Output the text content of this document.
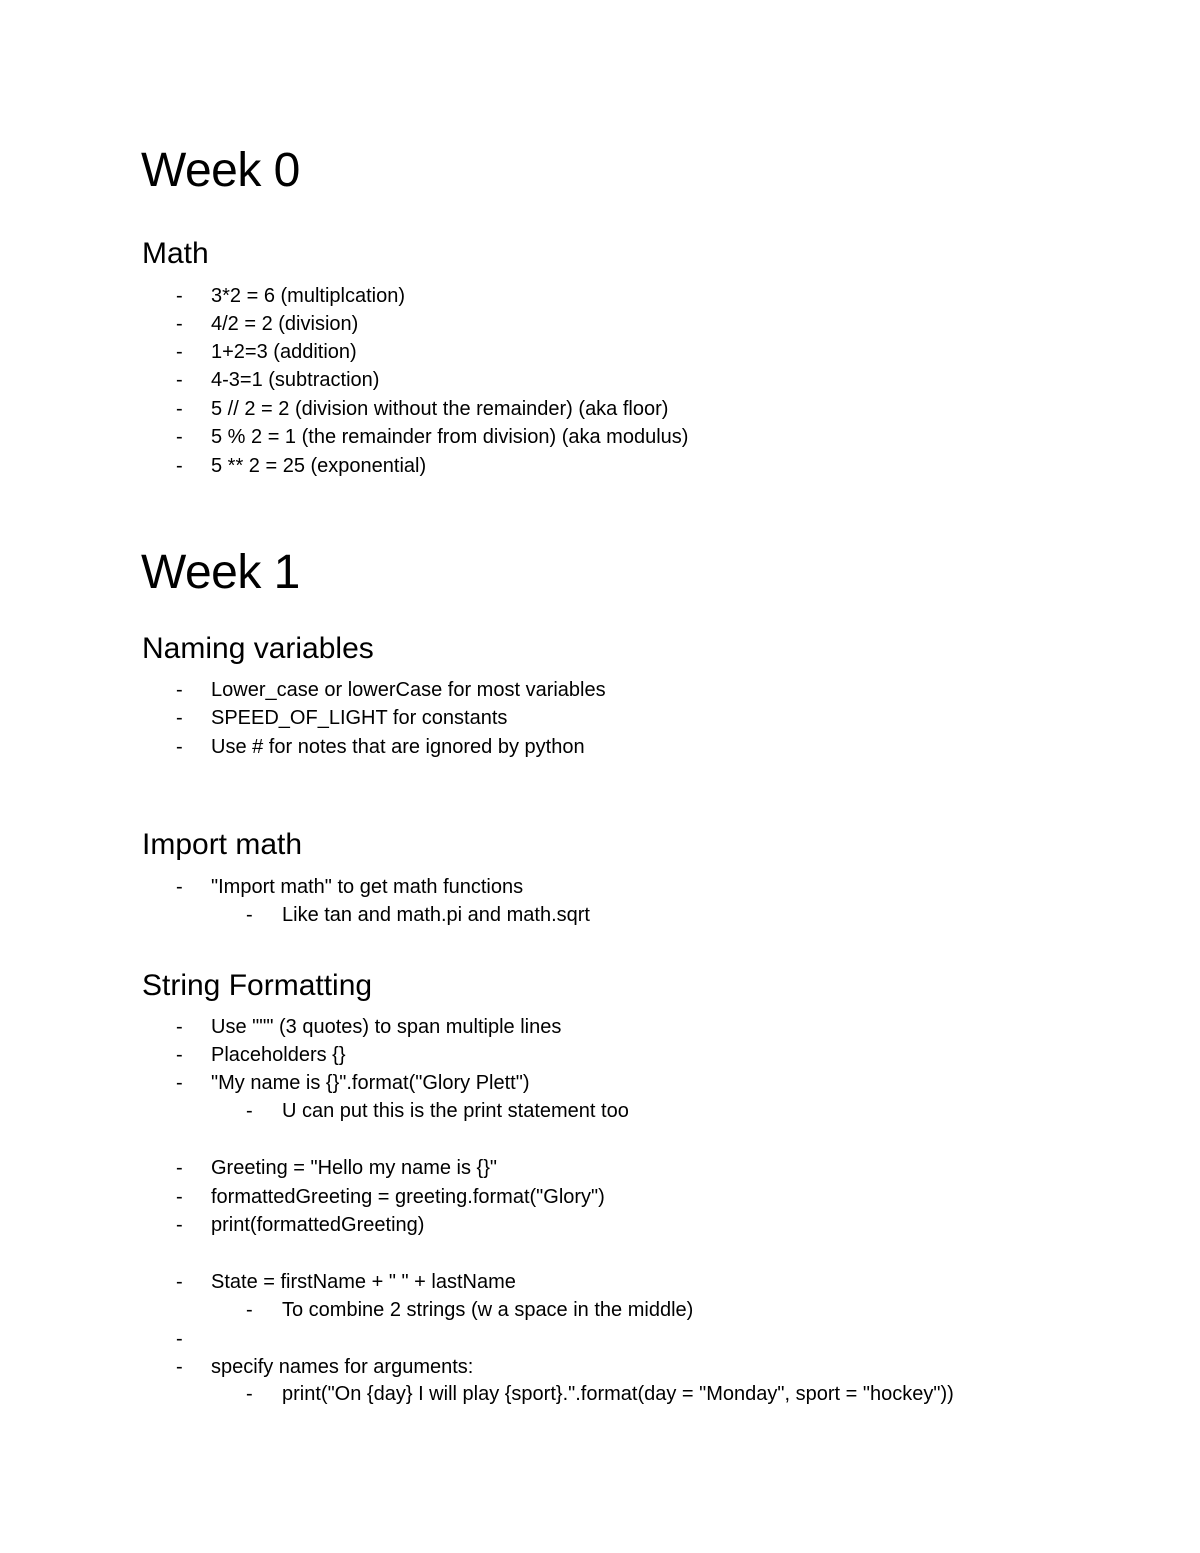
Week 0
Math
-	3*2 = 6 (multiplcation)
-	4/2 = 2 (division)
-	1+2=3 (addition)
-	4-3=1 (subtraction)
-	5 // 2 = 2 (division without the remainder) (aka floor)
-	5 % 2 = 1 (the remainder from division) (aka modulus)
-	5 ** 2 = 25 (exponential)
Week 1
Naming variables
-	Lower_case or lowerCase for most variables
-	SPEED_OF_LIGHT for constants
-	Use # for notes that are ignored by python
Import math
-	"Import math" to get math functions
-	Like tan and math.pi and math.sqrt
String Formatting
-	Use """ (3 quotes) to span multiple lines
-	Placeholders {}
-	"My name is {}".format("Glory Plett")
-	U can put this is the print statement too
-	Greeting = "Hello my name is {}"
-	formattedGreeting = greeting.format("Glory")
-	print(formattedGreeting)
-	State = firstName + " " + lastName
-	To combine 2 strings (w a space in the middle)
-
-	specify names for arguments:
-	print("On {day} I will play {sport}.".format(day = "Monday", sport = "hockey"))
